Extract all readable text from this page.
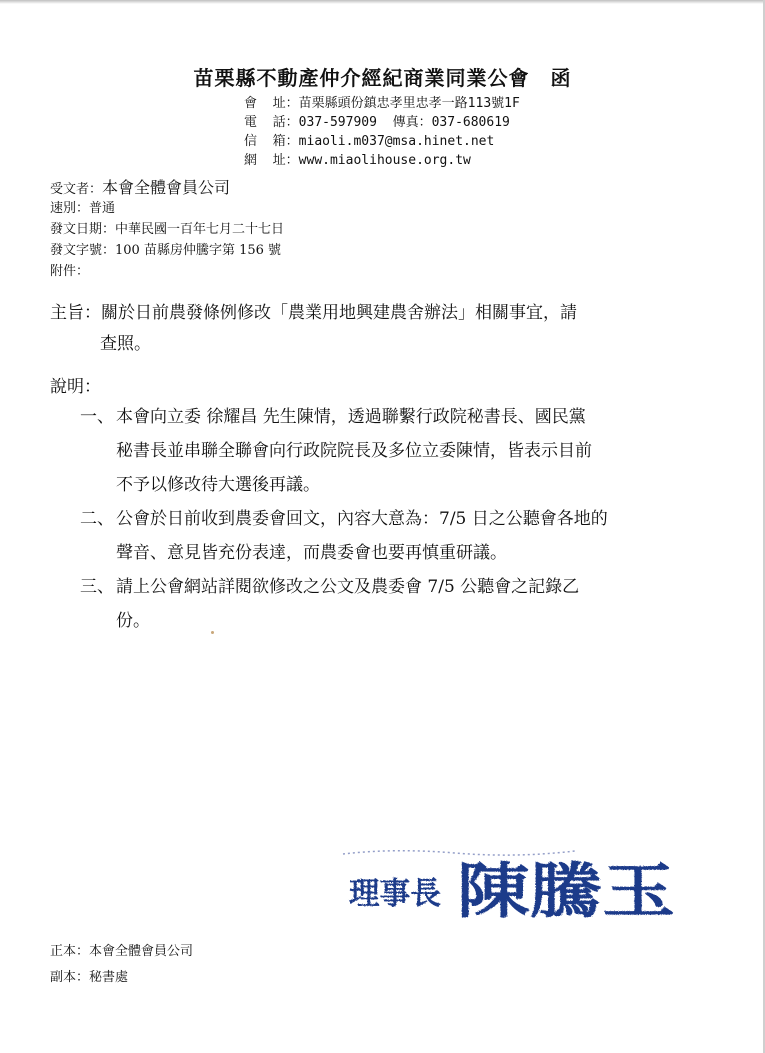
苗栗縣不動產仲介經紀商業同業公會　函
會  址：苗栗縣頭份鎮忠孝里忠孝一路113號1F
電  話：037-597909  傳真：037-680619
信  箱：miaoli.m037@msa.hinet.net
網  址：www.miaolihouse.org.tw
受文者：本會全體會員公司
速別：普通
發文日期：中華民國一百年七月二十七日
發文字號：100 苗縣房仲騰字第 156 號
附件：
主旨：關於日前農發條例修改「農業用地興建農舍辦法」相關事宜，請
查照。
說明：
一、 本會向立委 徐耀昌 先生陳情，透過聯繫行政院秘書長、國民黨
秘書長並串聯全聯會向行政院院長及多位立委陳情，皆表示目前
不予以修改待大選後再議。
二、 公會於日前收到農委會回文，內容大意為：7/5 日之公聽會各地的
聲音、意見皆充份表達，而農委會也要再慎重研議。
三、 請上公會網站詳閱欲修改之公文及農委會 7/5 公聽會之記錄乙
份。
理事長 陳騰玉
正本：本會全體會員公司
副本：秘書處
